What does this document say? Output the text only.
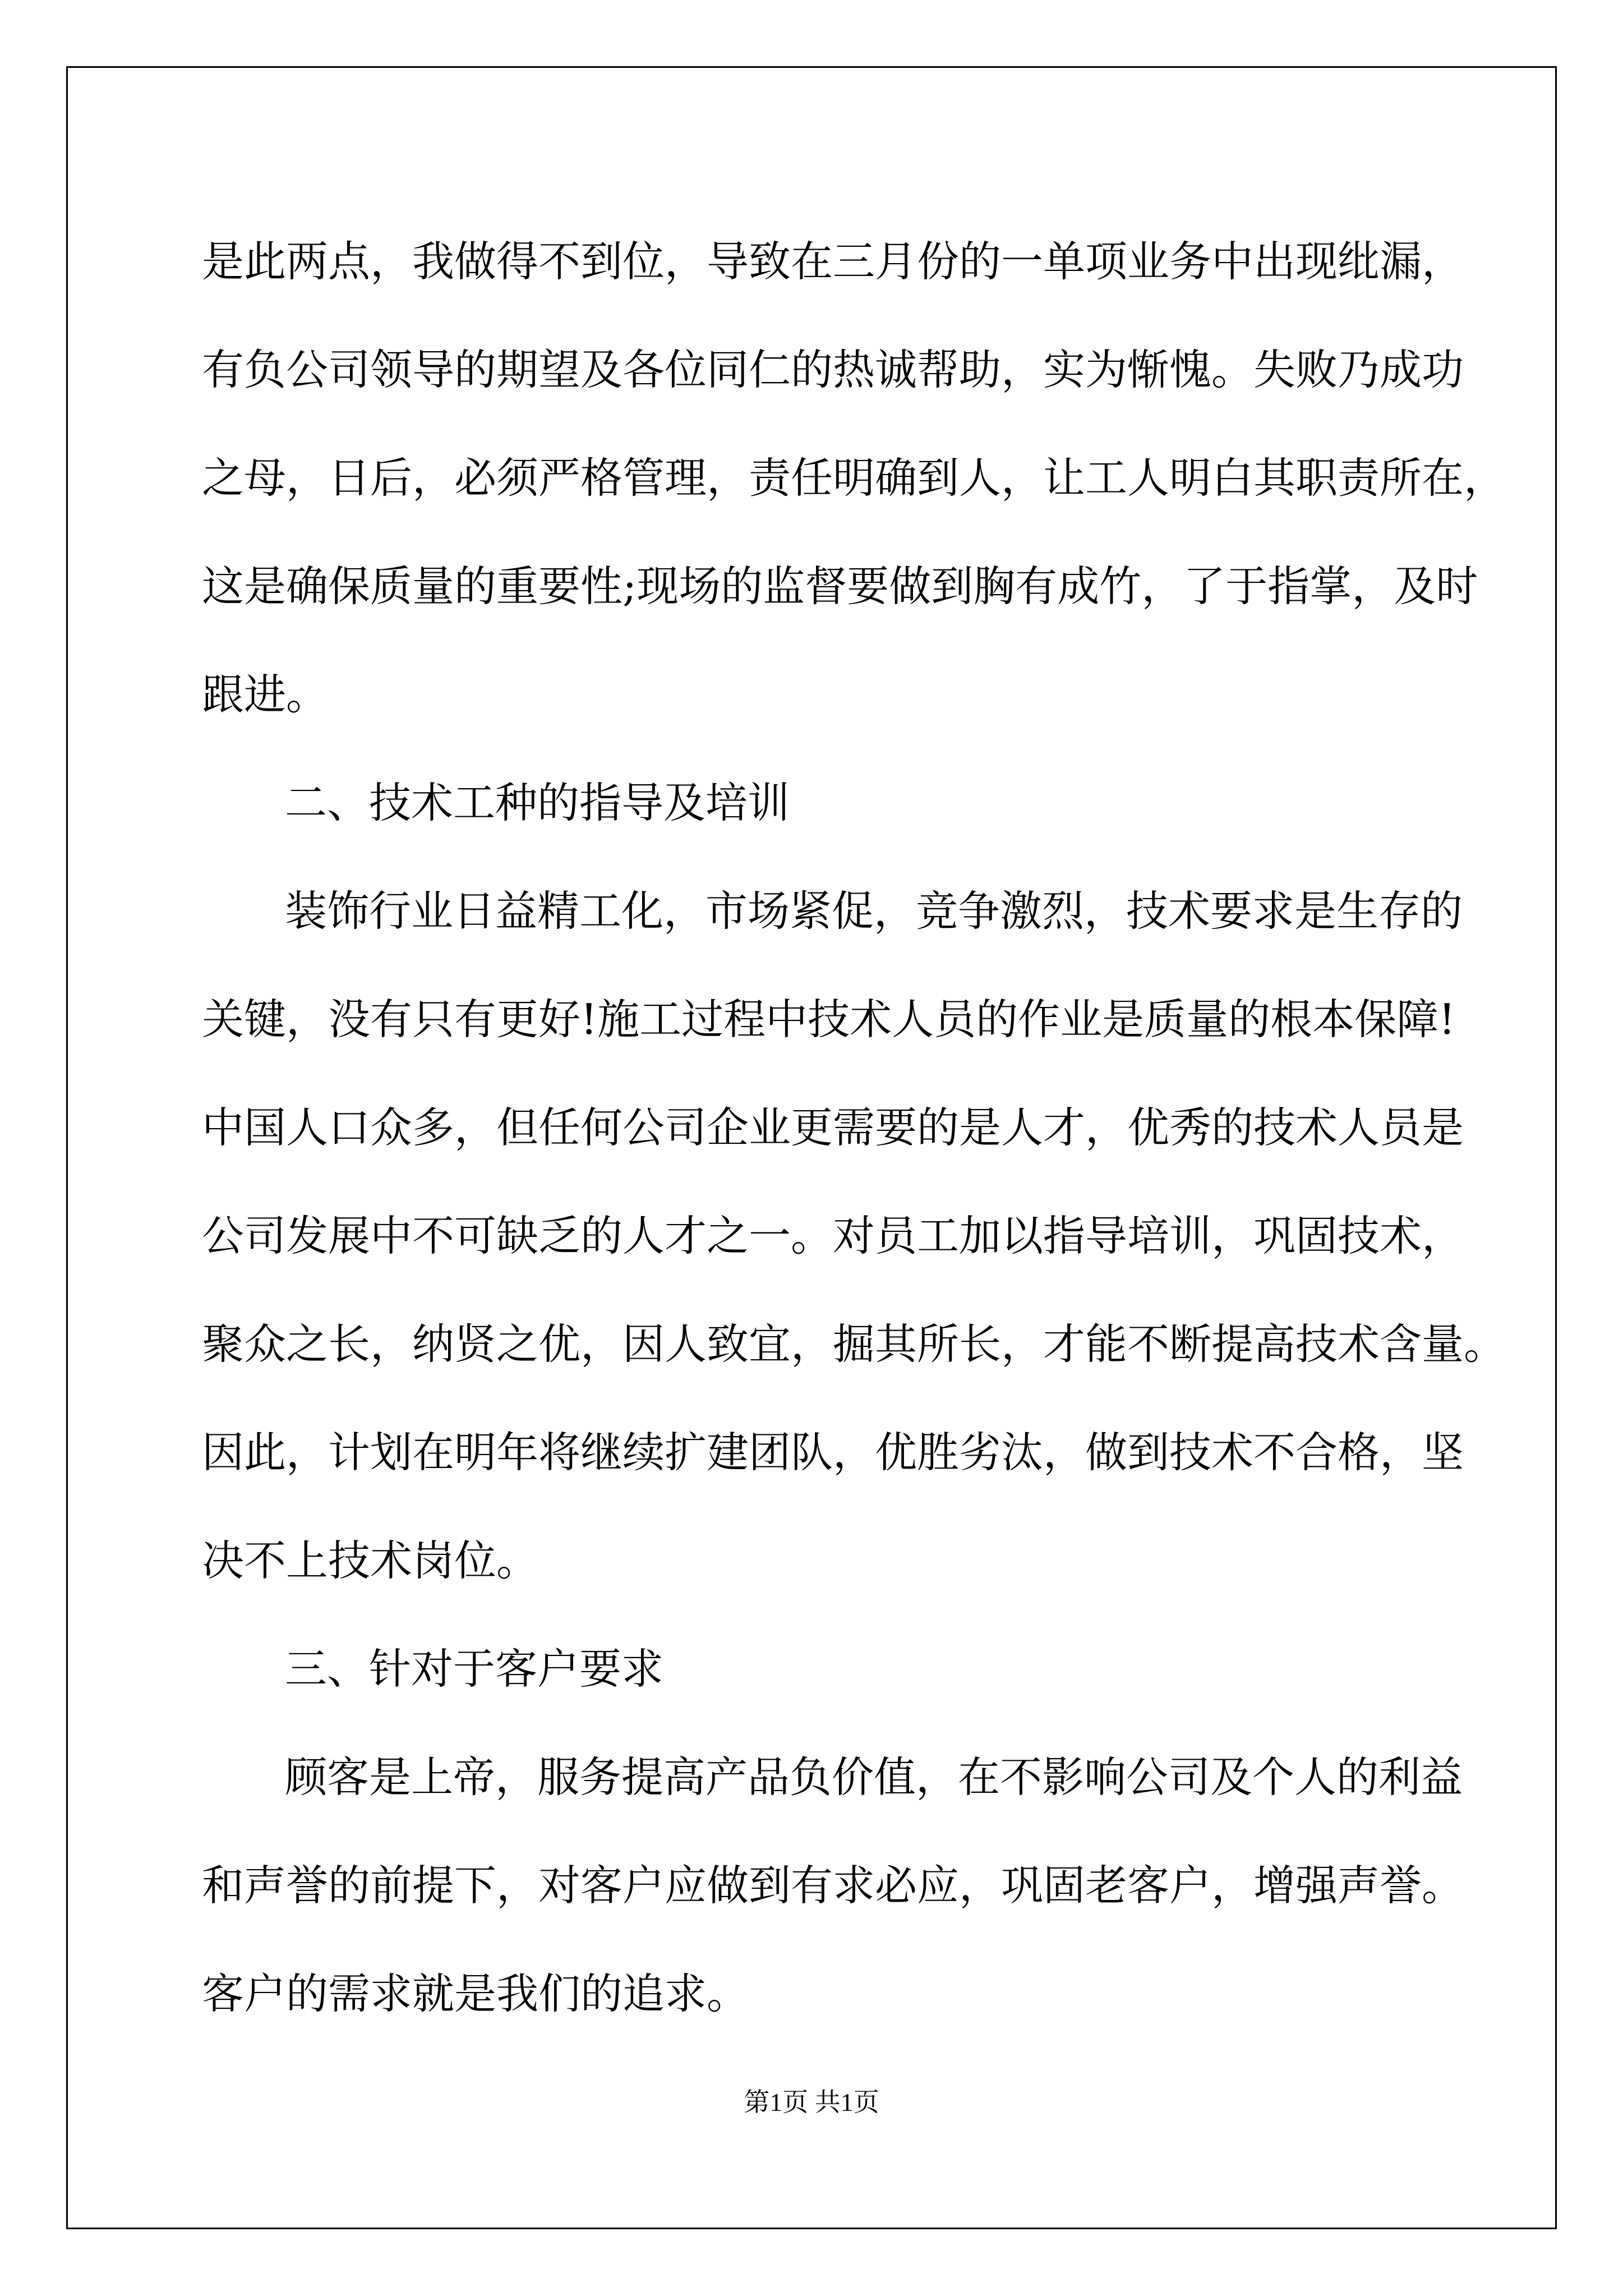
是此两点，我做得不到位，导致在三月份的一单项业务中出现纰漏，
有负公司领导的期望及各位同仁的热诚帮助，实为惭愧。失败乃成功
之母，日后，必须严格管理，责任明确到人，让工人明白其职责所在，
这是确保质量的重要性;现场的监督要做到胸有成竹，了于指掌，及时
跟进。
二、技术工种的指导及培训
装饰行业日益精工化，市场紧促，竞争激烈，技术要求是生存的
关键，没有只有更好!施工过程中技术人员的作业是质量的根本保障!
中国人口众多，但任何公司企业更需要的是人才，优秀的技术人员是
公司发展中不可缺乏的人才之一。对员工加以指导培训，巩固技术，
聚众之长，纳贤之优，因人致宜，掘其所长，才能不断提高技术含量。
因此，计划在明年将继续扩建团队，优胜劣汰，做到技术不合格，坚
决不上技术岗位。
三、针对于客户要求
顾客是上帝，服务提高产品负价值，在不影响公司及个人的利益
和声誉的前提下，对客户应做到有求必应，巩固老客户，增强声誉。
客户的需求就是我们的追求。
第1页 共1页
